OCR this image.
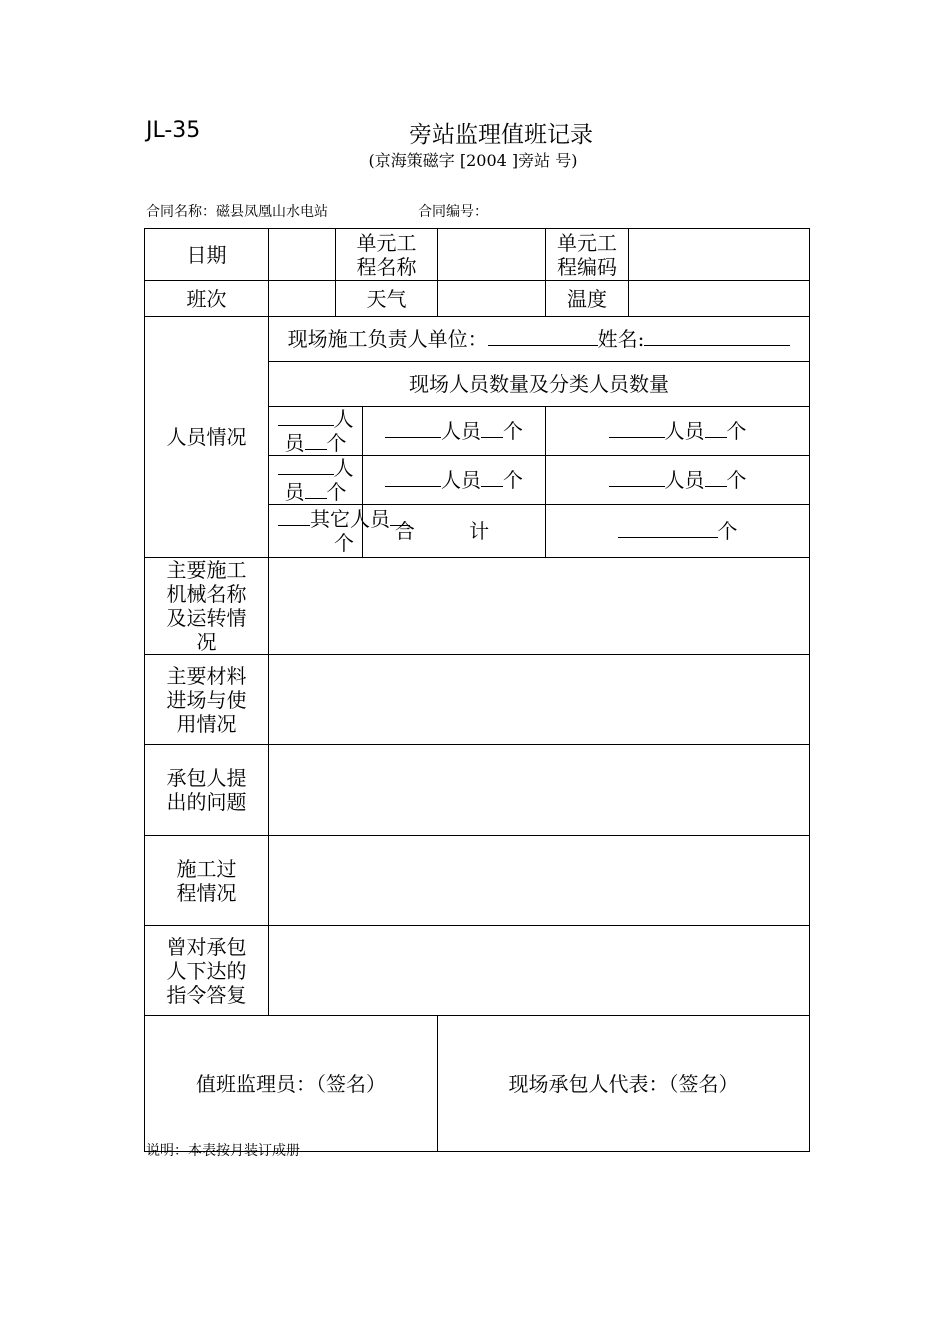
JL-35	旁站监理值班记录
(京海策磁字 [2004 ]旁站 号)
合同名称：磁县凤凰山水电站	合同编号：
日期		单元工程名称			单元工程编码	

班次		天气			温度	
人员情况	现场施工负责人单位： 姓名:					
	现场人员数量及分类人员数量					
	人员 个		人员 个		人员 个	
	人员 个		人员 个		人员 个	

	其它人员个		合 计		个	

主要施工机械名称及运转情况						

主要材料进场与使用情况						

承包人提出的问题						

施工过程情况						

曾对承包人下达的指令答复						

值班监理员：（签名）				现场承包人代表：（签名）		
说明：本表按月装订成册
